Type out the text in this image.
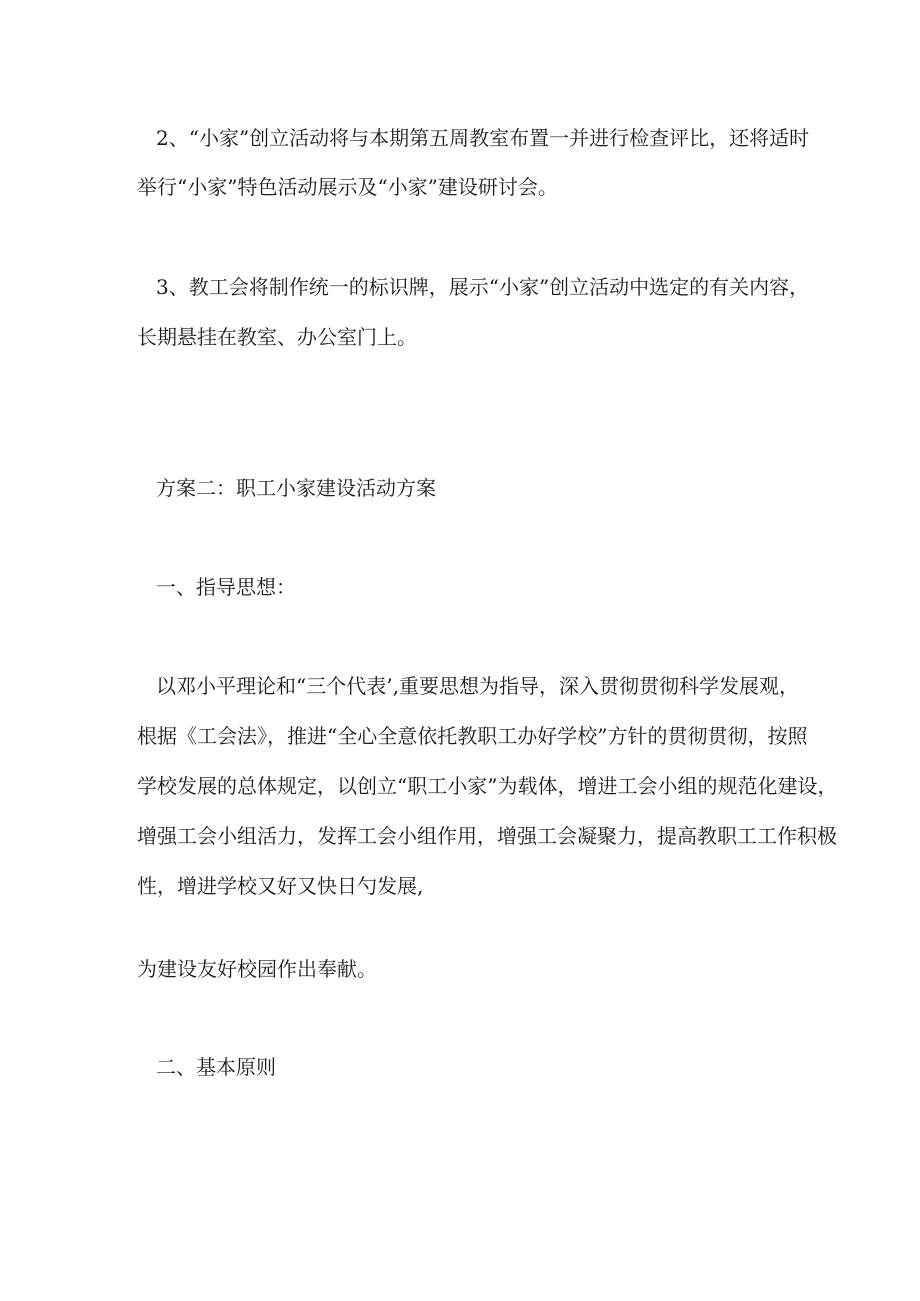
2、“小家”创立活动将与本期第五周教室布置一并进行检查评比，还将适时
举行“小家”特色活动展示及“小家”建设研讨会。
3、教工会将制作统一的标识牌，展示“小家”创立活动中选定的有关内容，
长期悬挂在教室、办公室门上。
方案二：职工小家建设活动方案
一、指导思想：
以邓小平理论和“三个代表’,重要思想为指导，深入贯彻贯彻科学发展观，
根据《工会法》，推进“全心全意依托教职工办好学校”方针的贯彻贯彻，按照
学校发展的总体规定，以创立“职工小家”为载体，增进工会小组的规范化建设，
增强工会小组活力，发挥工会小组作用，增强工会凝聚力，提高教职工工作积极
性，增进学校又好又快日勺发展,
为建设友好校园作出奉献。
二、基本原则
